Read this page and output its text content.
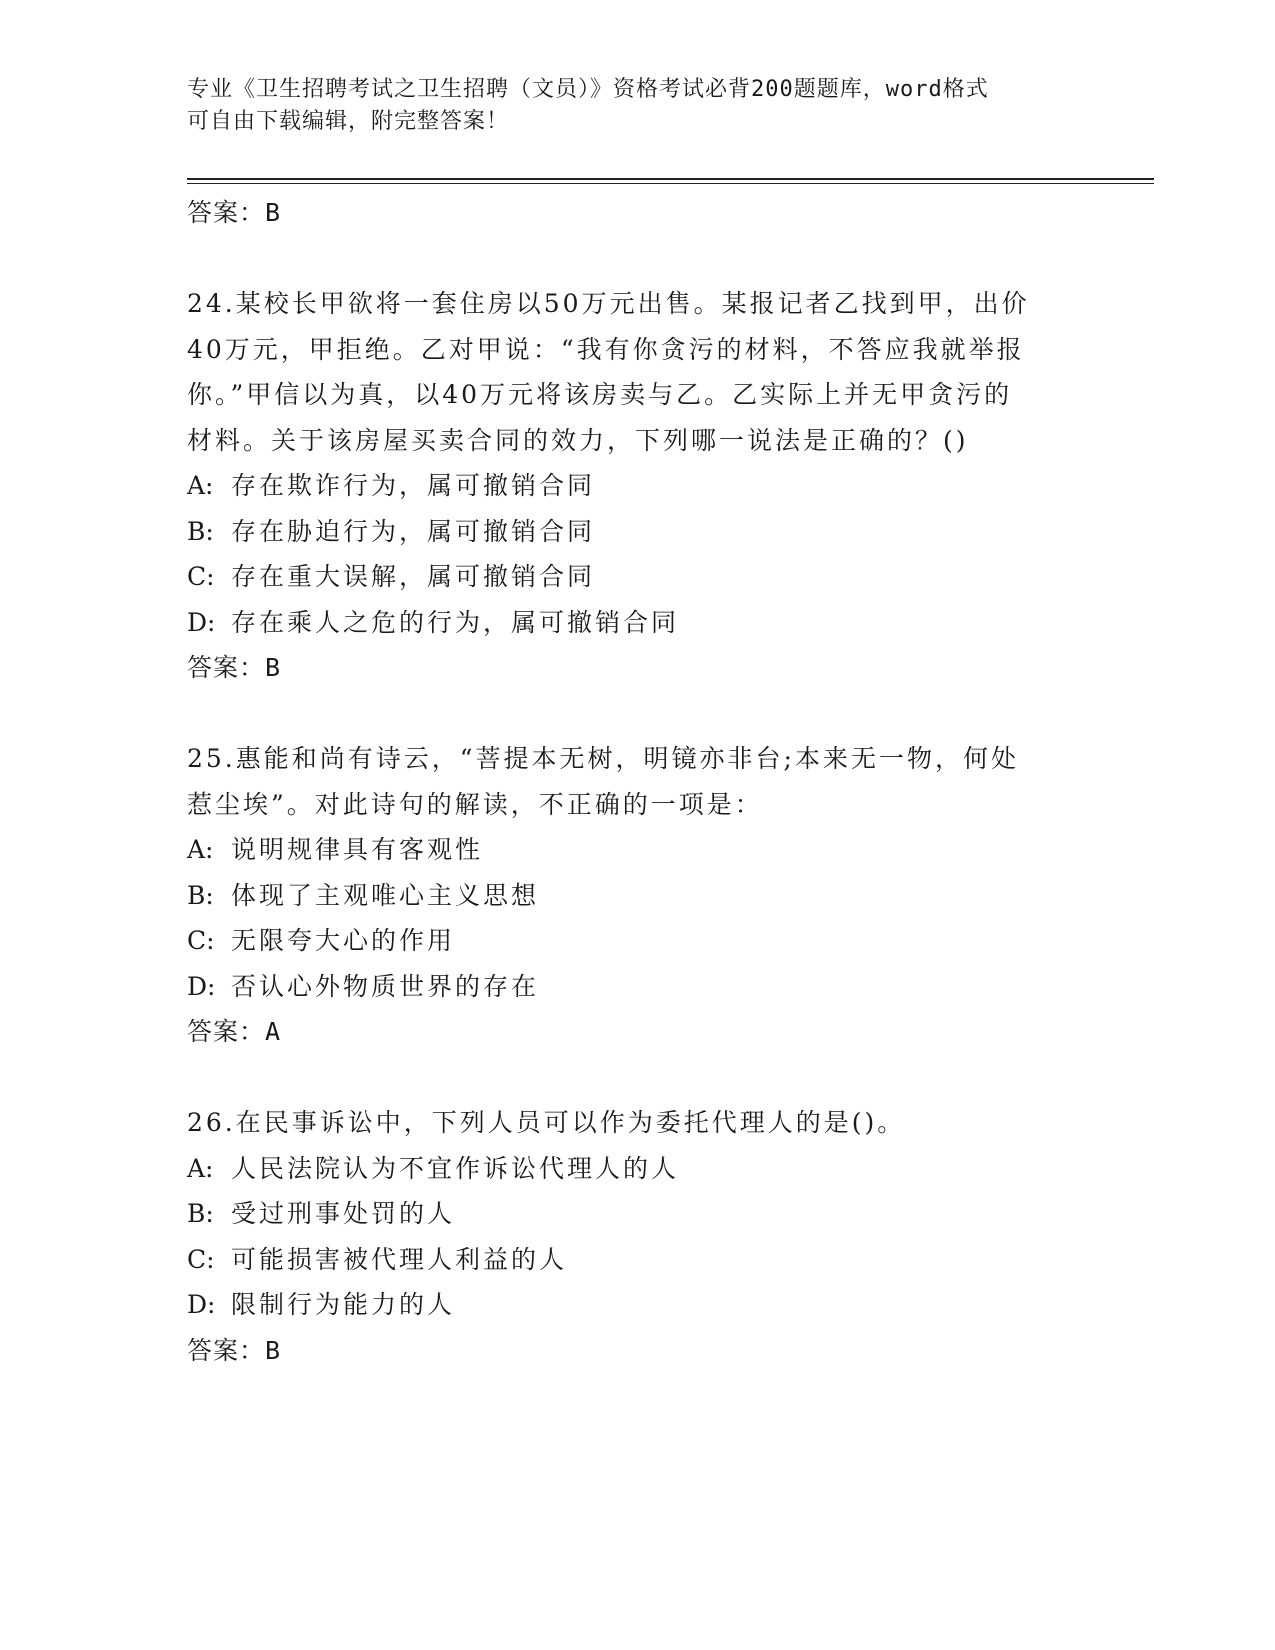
专业《卫生招聘考试之卫生招聘（文员）》资格考试必背200题题库，word格式
可自由下载编辑，附完整答案！
答案：B
24.某校长甲欲将一套住房以50万元出售。某报记者乙找到甲，出价
40万元，甲拒绝。乙对甲说：“我有你贪污的材料，不答应我就举报
你。”甲信以为真，以40万元将该房卖与乙。乙实际上并无甲贪污的
材料。关于该房屋买卖合同的效力，下列哪一说法是正确的？()
A: 存在欺诈行为，属可撤销合同
B: 存在胁迫行为，属可撤销合同
C: 存在重大误解，属可撤销合同
D: 存在乘人之危的行为，属可撤销合同
答案：B
25.惠能和尚有诗云，“菩提本无树，明镜亦非台;本来无一物，何处
惹尘埃”。对此诗句的解读，不正确的一项是：
A: 说明规律具有客观性
B: 体现了主观唯心主义思想
C: 无限夸大心的作用
D: 否认心外物质世界的存在
答案：A
26.在民事诉讼中，下列人员可以作为委托代理人的是()。
A: 人民法院认为不宜作诉讼代理人的人
B: 受过刑事处罚的人
C: 可能损害被代理人利益的人
D: 限制行为能力的人
答案：B
